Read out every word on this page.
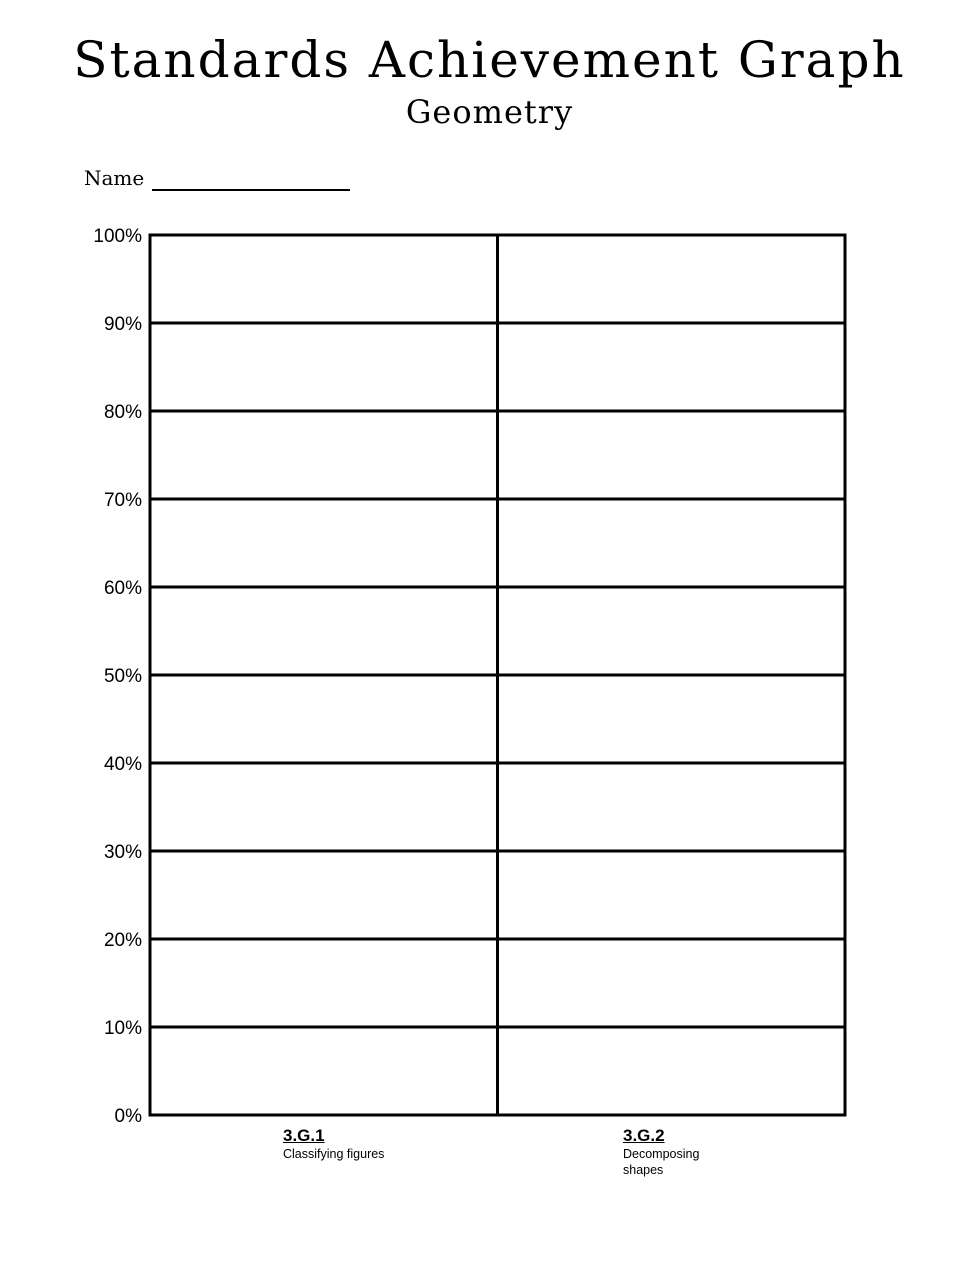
Standards Achievement Graph
Geometry
Name
0%
10%
20%
30%
40%
50%
60%
70%
80%
90%
100%
3.G.1
Classifying figures
3.G.2
Decomposing shapes
